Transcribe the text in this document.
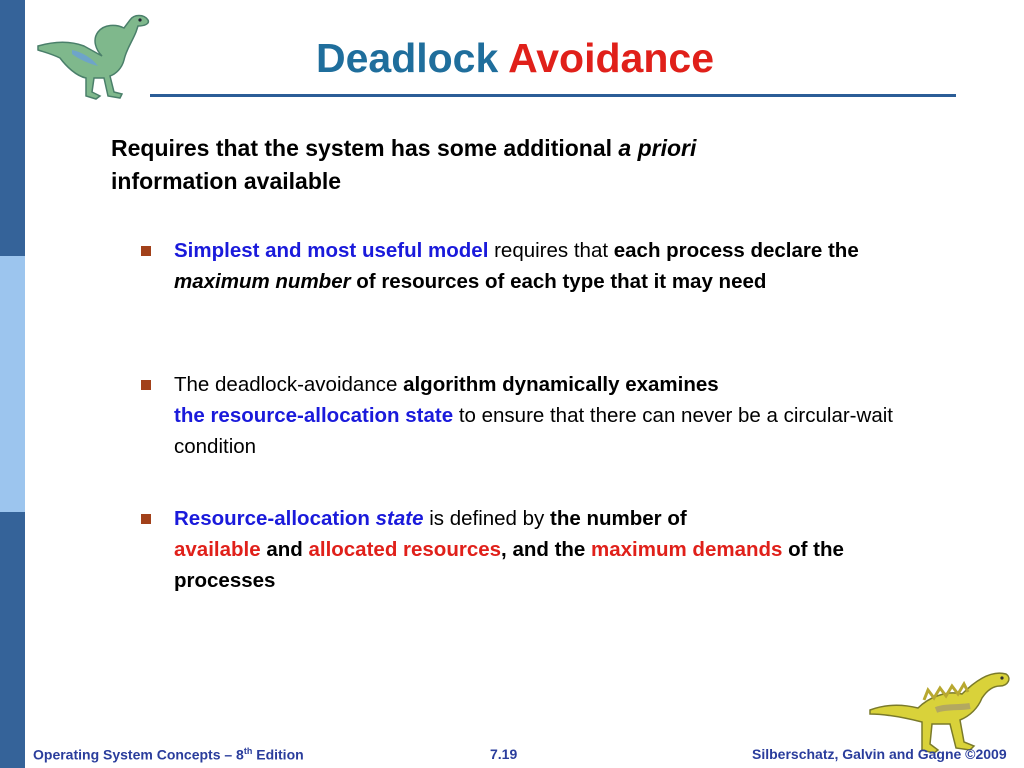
Deadlock Avoidance
Requires that the system has some additional a priori
information available
Simplest and most useful model requires that each process declare the maximum number of resources of each type that it may need
The deadlock-avoidance algorithm dynamically examines
the resource-allocation state to ensure that there can never be a circular-wait condition
Resource-allocation state is defined by the number of
available and allocated resources, and the maximum demands of the processes
Operating System Concepts – 8th Edition	7.19	Silberschatz, Galvin and Gagne ©2009
